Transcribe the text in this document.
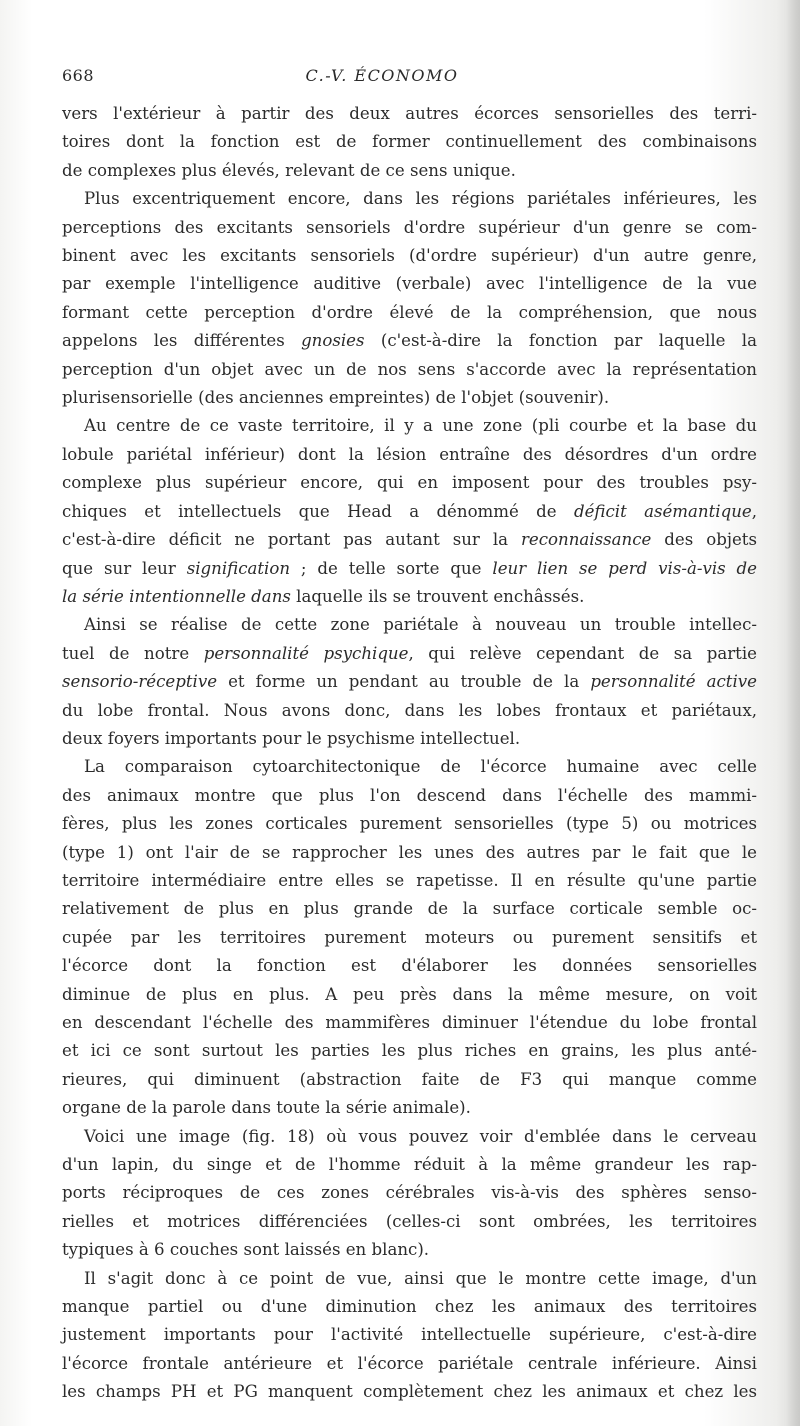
668	C.-V. ÉCONOMO
vers l'extérieur à partir des deux autres écorces sensorielles des terri-
toires dont la fonction est de former continuellement des combinaisons
de complexes plus élevés, relevant de ce sens unique.
Plus excentriquement encore, dans les régions pariétales inférieures, les
perceptions des excitants sensoriels d'ordre supérieur d'un genre se com-
binent avec les excitants sensoriels (d'ordre supérieur) d'un autre genre,
par exemple l'intelligence auditive (verbale) avec l'intelligence de la vue
formant cette perception d'ordre élevé de la compréhension, que nous
appelons les différentes gnosies (c'est-à-dire la fonction par laquelle la
perception d'un objet avec un de nos sens s'accorde avec la représentation
plurisensorielle (des anciennes empreintes) de l'objet (souvenir).
Au centre de ce vaste territoire, il y a une zone (pli courbe et la base du
lobule pariétal inférieur) dont la lésion entraîne des désordres d'un ordre
complexe plus supérieur encore, qui en imposent pour des troubles psy-
chiques et intellectuels que Head a dénommé de déficit asémantique,
c'est-à-dire déficit ne portant pas autant sur la reconnaissance des objets
que sur leur signification ; de telle sorte que leur lien se perd vis-à-vis de
la série intentionnelle dans laquelle ils se trouvent enchâssés.
Ainsi se réalise de cette zone pariétale à nouveau un trouble intellec-
tuel de notre personnalité psychique, qui relève cependant de sa partie
sensorio-réceptive et forme un pendant au trouble de la personnalité active
du lobe frontal. Nous avons donc, dans les lobes frontaux et pariétaux,
deux foyers importants pour le psychisme intellectuel.
La comparaison cytoarchitectonique de l'écorce humaine avec celle
des animaux montre que plus l'on descend dans l'échelle des mammi-
fères, plus les zones corticales purement sensorielles (type 5) ou motrices
(type 1) ont l'air de se rapprocher les unes des autres par le fait que le
territoire intermédiaire entre elles se rapetisse. Il en résulte qu'une partie
relativement de plus en plus grande de la surface corticale semble oc-
cupée par les territoires purement moteurs ou purement sensitifs et
l'écorce dont la fonction est d'élaborer les données sensorielles
diminue de plus en plus. A peu près dans la même mesure, on voit
en descendant l'échelle des mammifères diminuer l'étendue du lobe frontal
et ici ce sont surtout les parties les plus riches en grains, les plus anté-
rieures, qui diminuent (abstraction faite de F3 qui manque comme
organe de la parole dans toute la série animale).
Voici une image (fig. 18) où vous pouvez voir d'emblée dans le cerveau
d'un lapin, du singe et de l'homme réduit à la même grandeur les rap-
ports réciproques de ces zones cérébrales vis-à-vis des sphères senso-
rielles et motrices différenciées (celles-ci sont ombrées, les territoires
typiques à 6 couches sont laissés en blanc).
Il s'agit donc à ce point de vue, ainsi que le montre cette image, d'un
manque partiel ou d'une diminution chez les animaux des territoires
justement importants pour l'activité intellectuelle supérieure, c'est-à-dire
l'écorce frontale antérieure et l'écorce pariétale centrale inférieure. Ainsi
les champs PH et PG manquent complètement chez les animaux et chez les
